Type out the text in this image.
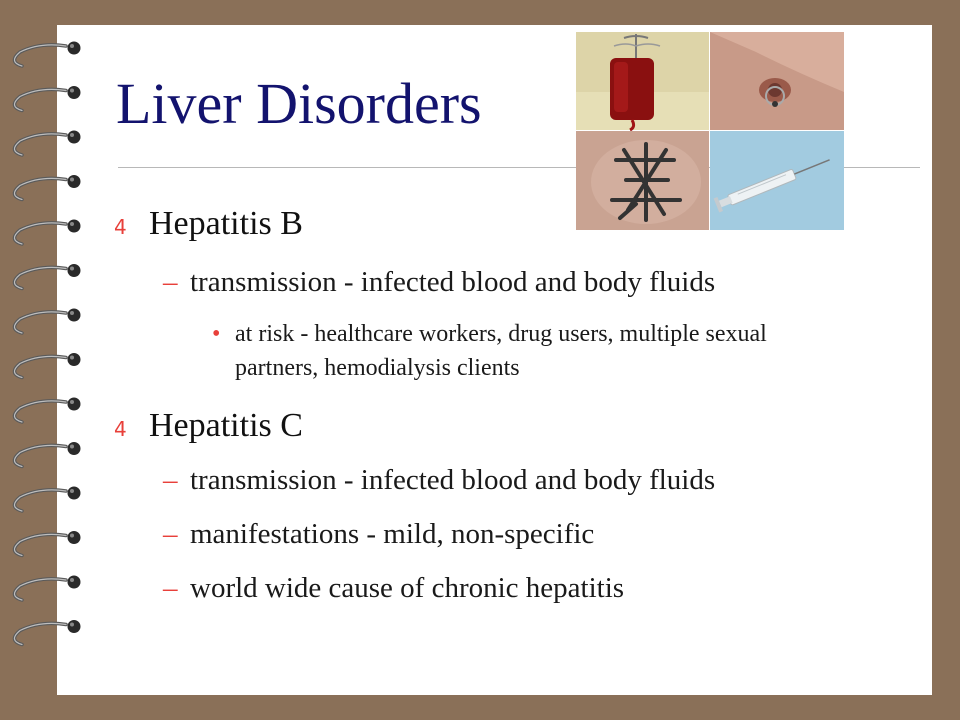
Liver Disorders
4 Hepatitis B
– transmission - infected blood and body fluids
• at risk - healthcare workers, drug users, multiple sexual partners, hemodialysis clients
4 Hepatitis C
– transmission - infected blood and body fluids
– manifestations - mild, non-specific
– world wide cause of chronic hepatitis
